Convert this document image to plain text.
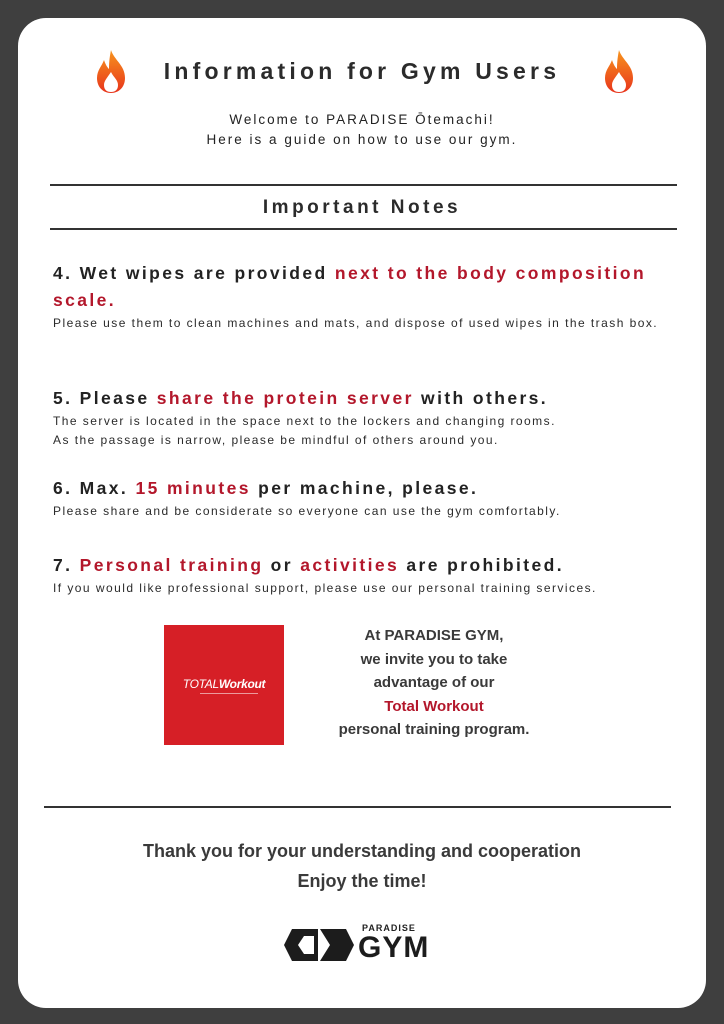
Information for Gym Users
Welcome to PARADISE Ōtemachi!
Here is a guide on how to use our gym.
Important Notes
4. Wet wipes are provided next to the body composition scale.

Please use them to clean machines and mats, and dispose of used wipes in the trash box.

5. Please share the protein server with others.

The server is located in the space next to the lockers and changing rooms.

As the passage is narrow, please be mindful of others around you.

6. Max. 15 minutes per machine, please.

Please share and be considerate so everyone can use the gym comfortably.

7. Personal training or activities are prohibited.

If you would like professional support, please use our personal training services.

TOTALWorkout
At PARADISE GYM,
we invite you to take
advantage of our
Total Workout
personal training program.
Thank you for your understanding and cooperation
Enjoy the time!
PARADISE
GYM
